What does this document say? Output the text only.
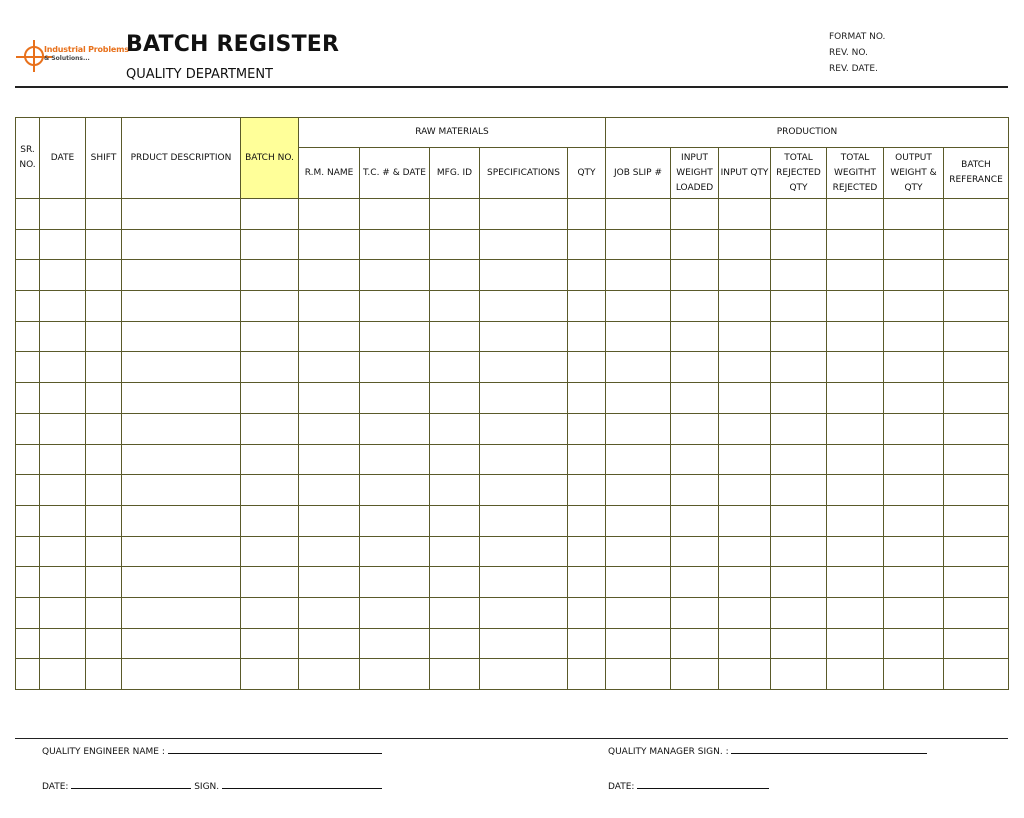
Industrial Problems
& Solutions...
BATCH REGISTER
QUALITY DEPARTMENT
FORMAT NO.
REV. NO.
REV. DATE.
SR. NO.	DATE	SHIFT	PRDUCT DESCRIPTION	BATCH NO.	RAW MATERIALS					PRODUCTION						
					R.M. NAME	T.C. # & DATE	MFG. ID	SPECIFICATIONS	QTY	JOB SLIP #	INPUT WEIGHT LOADED	INPUT QTY	TOTAL REJECTED QTY	TOTAL WEGITHT REJECTED	OUTPUT WEIGHT & QTY	BATCH REFERANCE

QUALITY ENGINEER NAME :
DATE:	SIGN.
QUALITY MANAGER SIGN. :
DATE:
